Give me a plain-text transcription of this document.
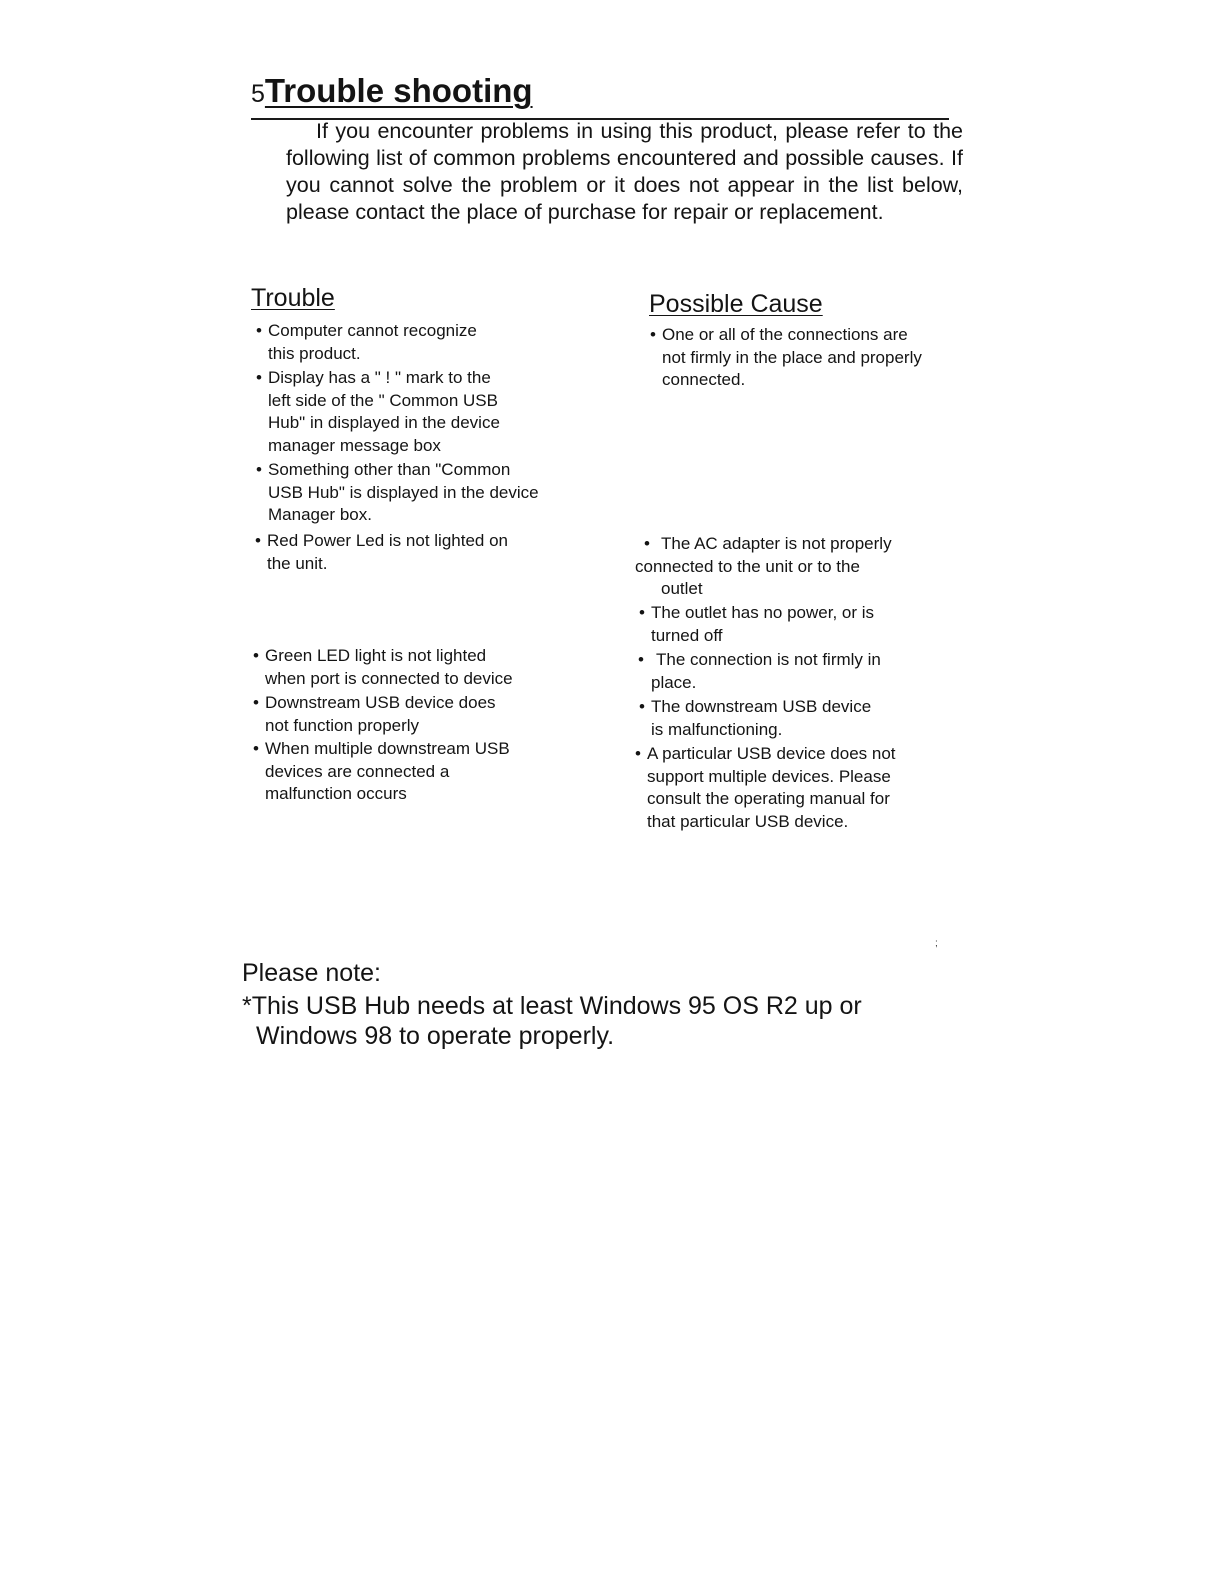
5Trouble shooting

If you encounter problems in using this product, please refer to the following list of common problems encountered and possible causes. If you cannot solve the problem or it does not appear in the list below, please contact the place of purchase for repair or replacement.

Trouble	Possible Cause
• Computer cannot recognize
this product.
• Display has a " ! " mark to the
left side of the " Common USB
Hub" in displayed in the device
manager message box
• Something other than "Common
USB Hub" is displayed in the device
Manager box.
• Red Power Led is not lighted on
the unit.
• Green LED light is not lighted
when port is connected to device
• Downstream USB device does
not function properly
• When multiple downstream USB
devices are connected a
malfunction occurs
• One or all of the connections are
not firmly in the place and properly
connected.
• The AC adapter is not properly
connected to the unit or to the
outlet
• The outlet has no power, or is
turned off
• The connection is not firmly in
place.
• The downstream USB device
is malfunctioning.
• A particular USB device does not
support multiple devices. Please
consult the operating manual for
that particular USB device.
;

Please note:

*This USB Hub needs at least Windows 95 OS R2 up or

Windows 98 to operate properly.
